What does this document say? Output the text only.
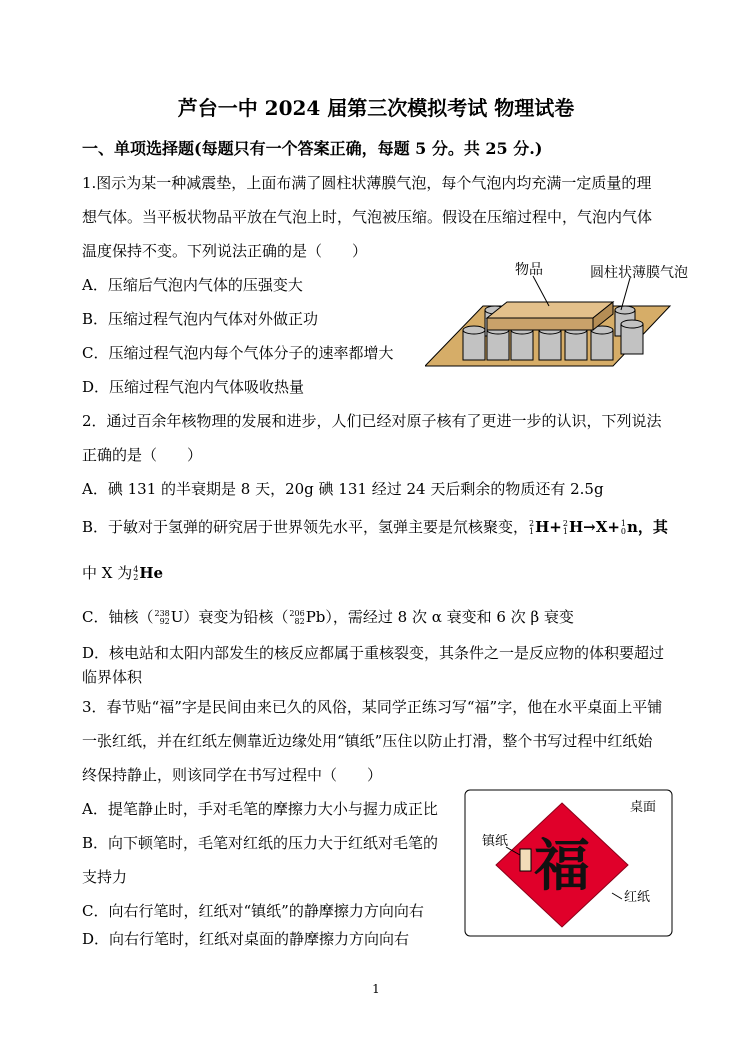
芦台一中 2024 届第三次模拟考试 物理试卷
一、单项选择题(每题只有一个答案正确，每题 5 分。共 25 分.)
1.图示为某一种减震垫，上面布满了圆柱状薄膜气泡，每个气泡内均充满一定质量的理
想气体。当平板状物品平放在气泡上时，气泡被压缩。假设在压缩过程中，气泡内气体
温度保持不变。下列说法正确的是（　　）
A．压缩后气泡内气体的压强变大
B．压缩过程气泡内气体对外做正功
C．压缩过程气泡内每个气体分子的速率都增大
D．压缩过程气泡内气体吸收热量
物品	圆柱状薄膜气泡
2．通过百余年核物理的发展和进步，人们已经对原子核有了更进一步的认识，下列说法
正确的是（　　）
A．碘 131 的半衰期是 8 天，20g 碘 131 经过 24 天后剩余的物质还有 2.5g
B．于敏对于氢弹的研究居于世界领先水平，氢弹主要是氘核聚变， 2
1 H+ 2
1 H→X+ 1
0 n，其
中 X 为 4
2 He
C．铀核（ 238
92 U）衰变为铅核（ 206
82 Pb），需经过 8 次 α 衰变和 6 次 β 衰变
D．核电站和太阳内部发生的核反应都属于重核裂变，其条件之一是反应物的体积要超过
临界体积
3．春节贴“福”字是民间由来已久的风俗，某同学正练习写“福”字，他在水平桌面上平铺
一张红纸，并在红纸左侧靠近边缘处用“镇纸”压住以防止打滑，整个书写过程中红纸始
终保持静止，则该同学在书写过程中（　　）
A．提笔静止时，手对毛笔的摩擦力大小与握力成正比
B．向下顿笔时，毛笔对红纸的压力大于红纸对毛笔的
支持力
C．向右行笔时，红纸对“镇纸”的静摩擦力方向向右
D．向右行笔时，红纸对桌面的静摩擦力方向向右
福
桌面
镇纸
红纸
1
